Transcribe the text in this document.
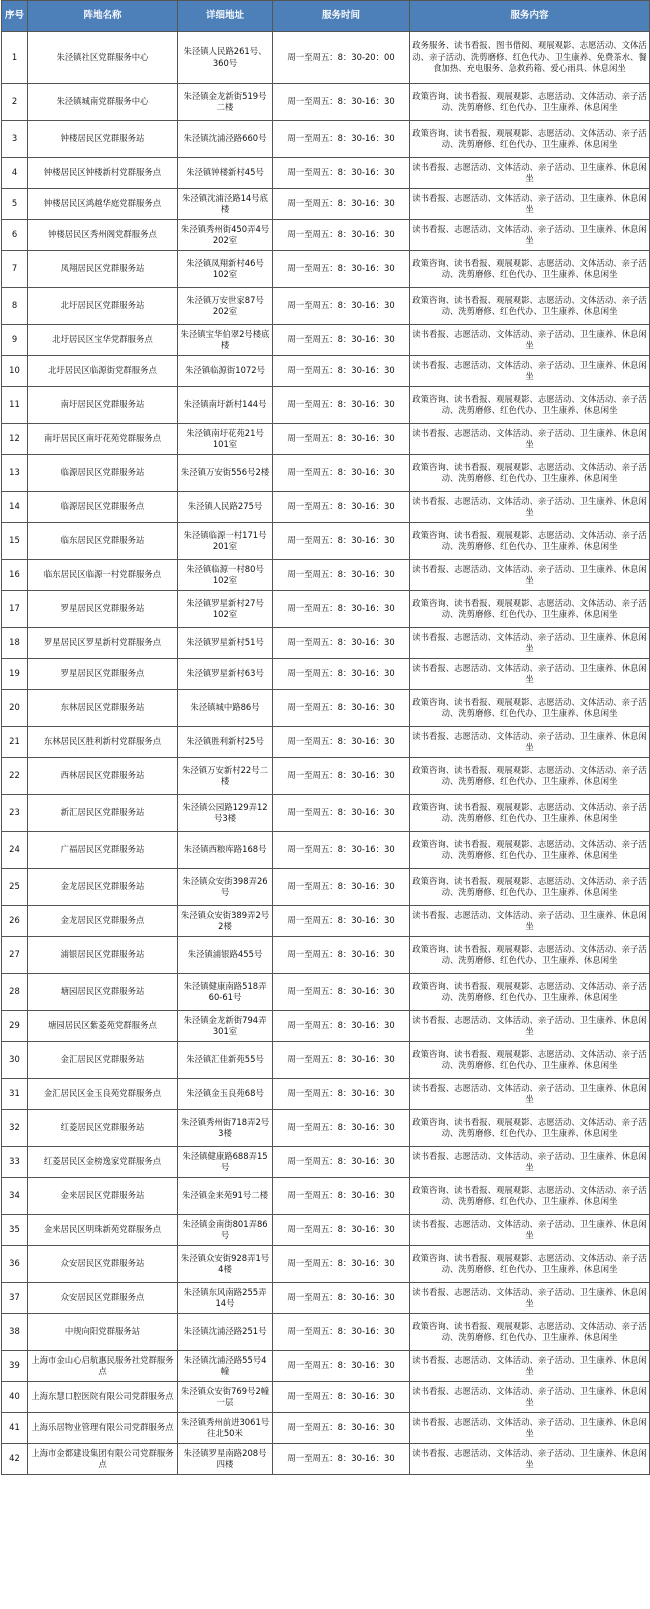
序号	阵地名称	详细地址	服务时间	服务内容
1	朱泾镇社区党群服务中心	朱泾镇人民路261号、360号	周一至周五：8：30-20：00	政务服务、读书看报、图书借阅、观展观影、志愿活动、文体活动、亲子活动、洗剪磨修、红色代办、卫生康养、免费茶水、餐食加热、充电服务、急救药箱、爱心雨具、休息闲坐
2	朱泾镇城南党群服务中心	朱泾镇金龙新街519号二楼	周一至周五：8：30-16：30	政策咨询、读书看报、观展观影、志愿活动、文体活动、亲子活动、洗剪磨修、红色代办、卫生康养、休息闲坐
3	钟楼居民区党群服务站	朱泾镇沈浦泾路660号	周一至周五：8：30-16：30	政策咨询、读书看报、观展观影、志愿活动、文体活动、亲子活动、洗剪磨修、红色代办、卫生康养、休息闲坐
4	钟楼居民区钟楼新村党群服务点	朱泾镇钟楼新村45号	周一至周五：8：30-16：30	读书看报、志愿活动、文体活动、亲子活动、卫生康养、休息闲坐
5	钟楼居民区鸿越华庭党群服务点	朱泾镇沈浦泾路14号底楼	周一至周五：8：30-16：30	读书看报、志愿活动、文体活动、亲子活动、卫生康养、休息闲坐
6	钟楼居民区秀州阁党群服务点	朱泾镇秀州街450弄4号202室	周一至周五：8：30-16：30	读书看报、志愿活动、文体活动、亲子活动、卫生康养、休息闲坐
7	凤翔居民区党群服务站	朱泾镇凤翔新村46号102室	周一至周五：8：30-16：30	政策咨询、读书看报、观展观影、志愿活动、文体活动、亲子活动、洗剪磨修、红色代办、卫生康养、休息闲坐
8	北圩居民区党群服务站	朱泾镇万安世家87号202室	周一至周五：8：30-16：30	政策咨询、读书看报、观展观影、志愿活动、文体活动、亲子活动、洗剪磨修、红色代办、卫生康养、休息闲坐
9	北圩居民区宝华党群服务点	朱泾镇宝华伯翠2号楼底楼	周一至周五：8：30-16：30	读书看报、志愿活动、文体活动、亲子活动、卫生康养、休息闲坐
10	北圩居民区临源街党群服务点	朱泾镇临源街1072号	周一至周五：8：30-16：30	读书看报、志愿活动、文体活动、亲子活动、卫生康养、休息闲坐
11	南圩居民区党群服务站	朱泾镇南圩新村144号	周一至周五：8：30-16：30	政策咨询、读书看报、观展观影、志愿活动、文体活动、亲子活动、洗剪磨修、红色代办、卫生康养、休息闲坐
12	南圩居民区南圩花苑党群服务点	朱泾镇南圩花苑21号101室	周一至周五：8：30-16：30	读书看报、志愿活动、文体活动、亲子活动、卫生康养、休息闲坐
13	临源居民区党群服务站	朱泾镇万安街556号2楼	周一至周五：8：30-16：30	政策咨询、读书看报、观展观影、志愿活动、文体活动、亲子活动、洗剪磨修、红色代办、卫生康养、休息闲坐
14	临源居民区党群服务点	朱泾镇人民路275号	周一至周五：8：30-16：30	读书看报、志愿活动、文体活动、亲子活动、卫生康养、休息闲坐
15	临东居民区党群服务站	朱泾镇临源一村171号201室	周一至周五：8：30-16：30	政策咨询、读书看报、观展观影、志愿活动、文体活动、亲子活动、洗剪磨修、红色代办、卫生康养、休息闲坐
16	临东居民区临源一村党群服务点	朱泾镇临源一村80号102室	周一至周五：8：30-16：30	读书看报、志愿活动、文体活动、亲子活动、卫生康养、休息闲坐
17	罗星居民区党群服务站	朱泾镇罗星新村27号102室	周一至周五：8：30-16：30	政策咨询、读书看报、观展观影、志愿活动、文体活动、亲子活动、洗剪磨修、红色代办、卫生康养、休息闲坐
18	罗星居民区罗星新村党群服务点	朱泾镇罗星新村51号	周一至周五：8：30-16：30	读书看报、志愿活动、文体活动、亲子活动、卫生康养、休息闲坐
19	罗星居民区党群服务点	朱泾镇罗星新村63号	周一至周五：8：30-16：30	读书看报、志愿活动、文体活动、亲子活动、卫生康养、休息闲坐
20	东林居民区党群服务站	朱泾镇城中路86号	周一至周五：8：30-16：30	政策咨询、读书看报、观展观影、志愿活动、文体活动、亲子活动、洗剪磨修、红色代办、卫生康养、休息闲坐
21	东林居民区胜利新村党群服务点	朱泾镇胜利新村25号	周一至周五：8：30-16：30	读书看报、志愿活动、文体活动、亲子活动、卫生康养、休息闲坐
22	西林居民区党群服务站	朱泾镇万安新村22号二楼	周一至周五：8：30-16：30	政策咨询、读书看报、观展观影、志愿活动、文体活动、亲子活动、洗剪磨修、红色代办、卫生康养、休息闲坐
23	新汇居民区党群服务站	朱泾镇公园路129弄12号3楼	周一至周五：8：30-16：30	政策咨询、读书看报、观展观影、志愿活动、文体活动、亲子活动、洗剪磨修、红色代办、卫生康养、休息闲坐
24	广福居民区党群服务站	朱泾镇西粮库路168号	周一至周五：8：30-16：30	政策咨询、读书看报、观展观影、志愿活动、文体活动、亲子活动、洗剪磨修、红色代办、卫生康养、休息闲坐
25	金龙居民区党群服务站	朱泾镇众安街398弄26号	周一至周五：8：30-16：30	政策咨询、读书看报、观展观影、志愿活动、文体活动、亲子活动、洗剪磨修、红色代办、卫生康养、休息闲坐
26	金龙居民区党群服务点	朱泾镇众安街389弄2号2楼	周一至周五：8：30-16：30	读书看报、志愿活动、文体活动、亲子活动、卫生康养、休息闲坐
27	浦银居民区党群服务站	朱泾镇浦银路455号	周一至周五：8：30-16：30	政策咨询、读书看报、观展观影、志愿活动、文体活动、亲子活动、洗剪磨修、红色代办、卫生康养、休息闲坐
28	塘园居民区党群服务站	朱泾镇健康南路518弄60-61号	周一至周五：8：30-16：30	政策咨询、读书看报、观展观影、志愿活动、文体活动、亲子活动、洗剪磨修、红色代办、卫生康养、休息闲坐
29	塘园居民区紫菱苑党群服务点	朱泾镇金龙新街794弄301室	周一至周五：8：30-16：30	读书看报、志愿活动、文体活动、亲子活动、卫生康养、休息闲坐
30	金汇居民区党群服务站	朱泾镇汇佳新苑55号	周一至周五：8：30-16：30	政策咨询、读书看报、观展观影、志愿活动、文体活动、亲子活动、洗剪磨修、红色代办、卫生康养、休息闲坐
31	金汇居民区金玉良苑党群服务点	朱泾镇金玉良苑68号	周一至周五：8：30-16：30	读书看报、志愿活动、文体活动、亲子活动、卫生康养、休息闲坐
32	红菱居民区党群服务站	朱泾镇秀州街718弄2号3楼	周一至周五：8：30-16：30	政策咨询、读书看报、观展观影、志愿活动、文体活动、亲子活动、洗剪磨修、红色代办、卫生康养、休息闲坐
33	红菱居民区金榜逸家党群服务点	朱泾镇健康路688弄15号	周一至周五：8：30-16：30	读书看报、志愿活动、文体活动、亲子活动、卫生康养、休息闲坐
34	金来居民区党群服务站	朱泾镇金来苑91号二楼	周一至周五：8：30-16：30	政策咨询、读书看报、观展观影、志愿活动、文体活动、亲子活动、洗剪磨修、红色代办、卫生康养、休息闲坐
35	金来居民区明珠新苑党群服务点	朱泾镇金南街801弄86号	周一至周五：8：30-16：30	读书看报、志愿活动、文体活动、亲子活动、卫生康养、休息闲坐
36	众安居民区党群服务站	朱泾镇众安街928弄1号4楼	周一至周五：8：30-16：30	政策咨询、读书看报、观展观影、志愿活动、文体活动、亲子活动、洗剪磨修、红色代办、卫生康养、休息闲坐
37	众安居民区党群服务点	朱泾镇东风南路255弄14号	周一至周五：8：30-16：30	读书看报、志愿活动、文体活动、亲子活动、卫生康养、休息闲坐
38	中规向阳党群服务站	朱泾镇沈浦泾路251号	周一至周五：8：30-16：30	政策咨询、读书看报、观展观影、志愿活动、文体活动、亲子活动、洗剪磨修、红色代办、卫生康养、休息闲坐
39	上海市金山心启航惠民服务社党群服务点	朱泾镇沈浦泾路55号4幢	周一至周五：8：30-16：30	读书看报、志愿活动、文体活动、亲子活动、卫生康养、休息闲坐
40	上海东慧口腔医院有限公司党群服务点	朱泾镇众安街769号2幢一层	周一至周五：8：30-16：30	读书看报、志愿活动、文体活动、亲子活动、卫生康养、休息闲坐
41	上海乐居物业管理有限公司党群服务点	朱泾镇秀州前进3061号往北50米	周一至周五：8：30-16：30	读书看报、志愿活动、文体活动、亲子活动、卫生康养、休息闲坐
42	上海市金都建设集团有限公司党群服务点	朱泾镇罗星南路208号四楼	周一至周五：8：30-16：30	读书看报、志愿活动、文体活动、亲子活动、卫生康养、休息闲坐
